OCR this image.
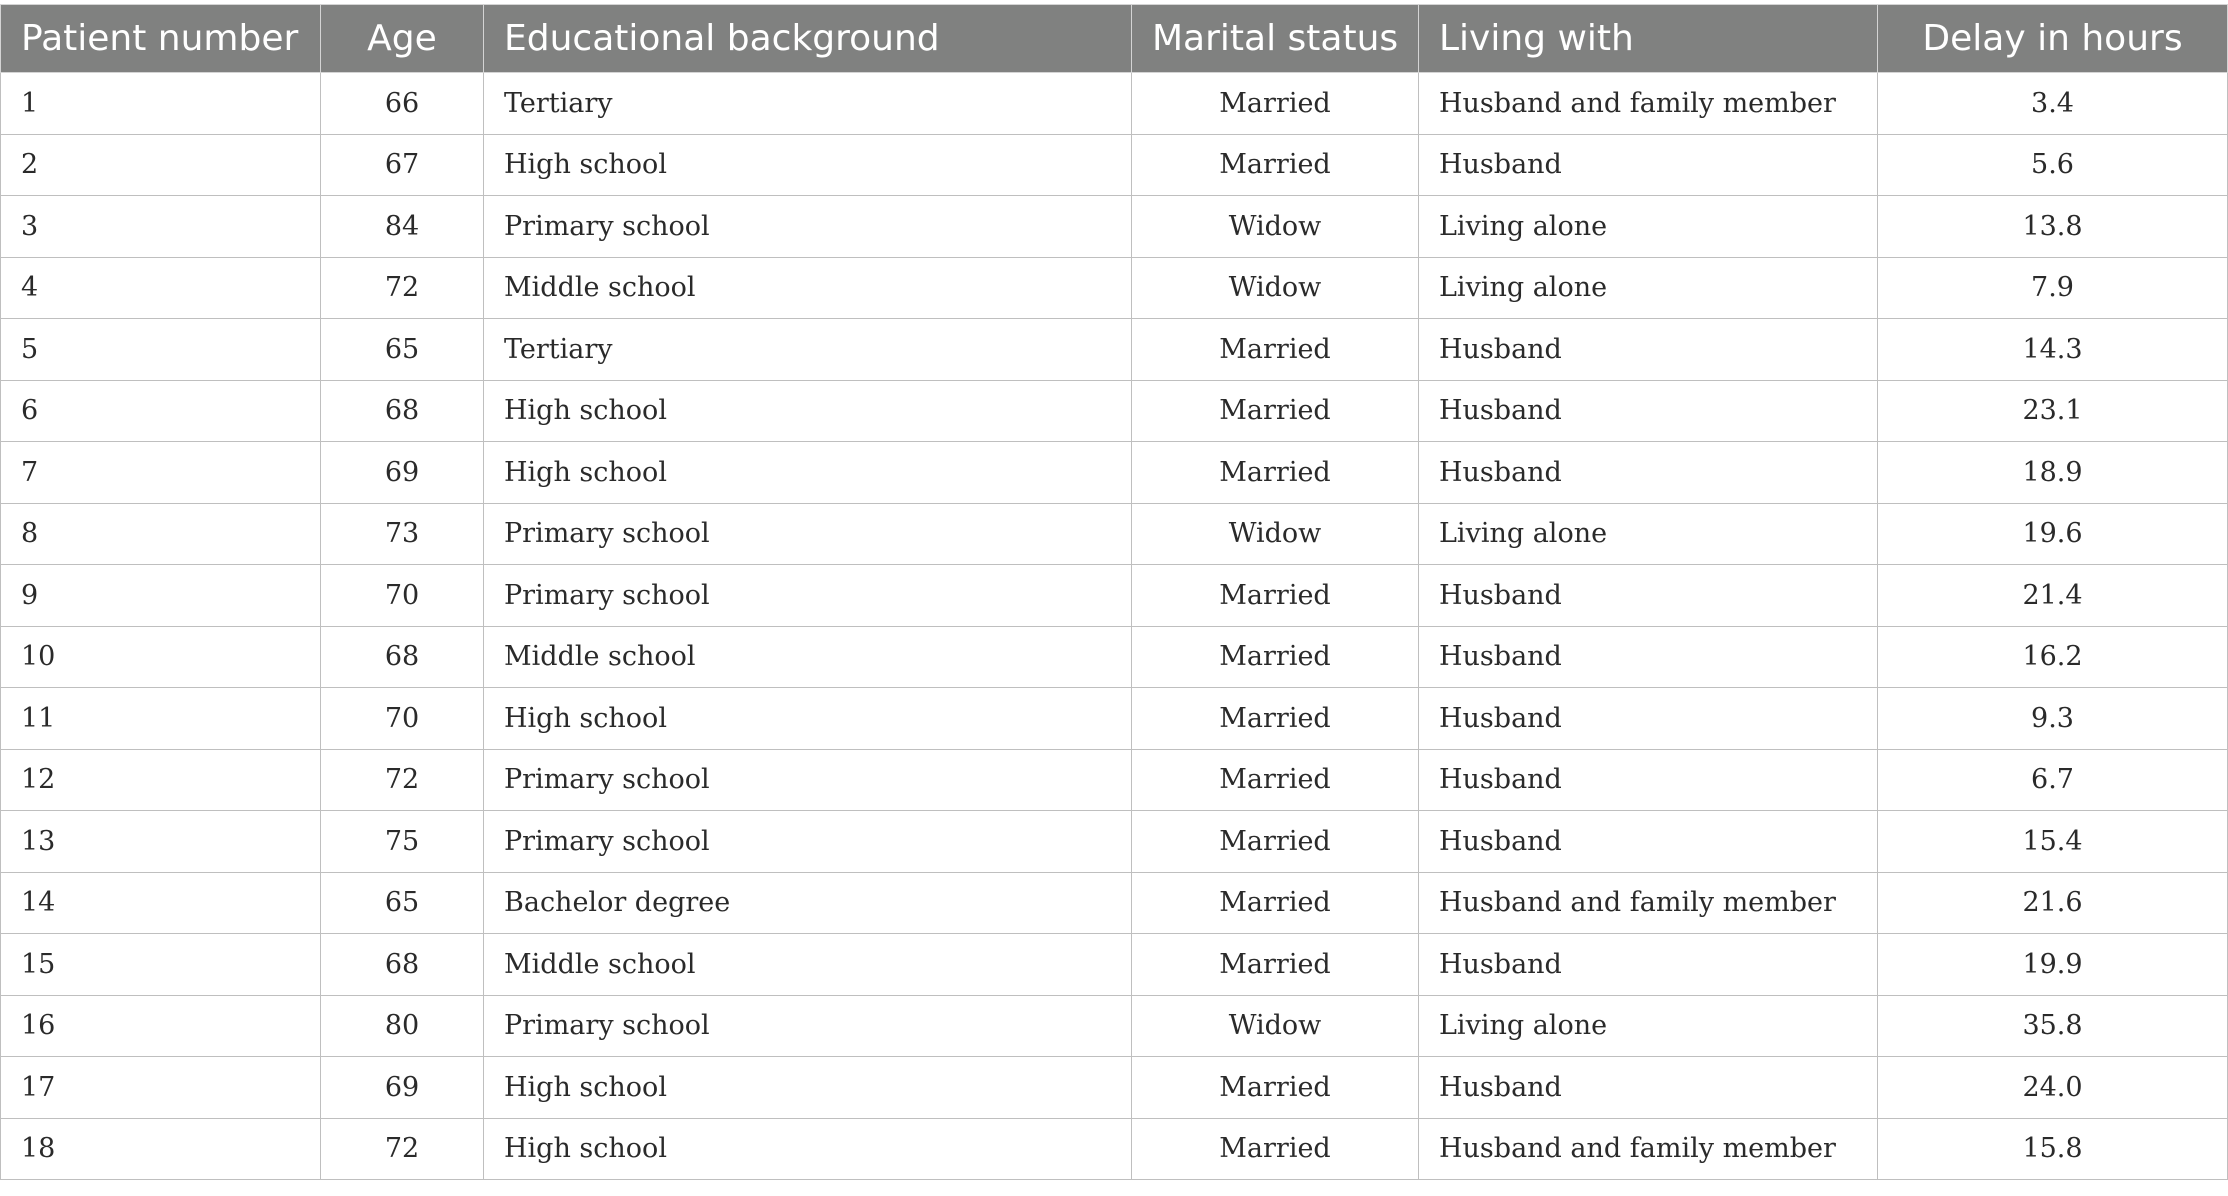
Patient number	Age	Educational background	Marital status	Living with	Delay in hours
1	66	Tertiary	Married	Husband and family member	3.4
2	67	High school	Married	Husband	5.6
3	84	Primary school	Widow	Living alone	13.8
4	72	Middle school	Widow	Living alone	7.9
5	65	Tertiary	Married	Husband	14.3
6	68	High school	Married	Husband	23.1
7	69	High school	Married	Husband	18.9
8	73	Primary school	Widow	Living alone	19.6
9	70	Primary school	Married	Husband	21.4
10	68	Middle school	Married	Husband	16.2
11	70	High school	Married	Husband	9.3
12	72	Primary school	Married	Husband	6.7
13	75	Primary school	Married	Husband	15.4
14	65	Bachelor degree	Married	Husband and family member	21.6
15	68	Middle school	Married	Husband	19.9
16	80	Primary school	Widow	Living alone	35.8
17	69	High school	Married	Husband	24.0
18	72	High school	Married	Husband and family member	15.8
